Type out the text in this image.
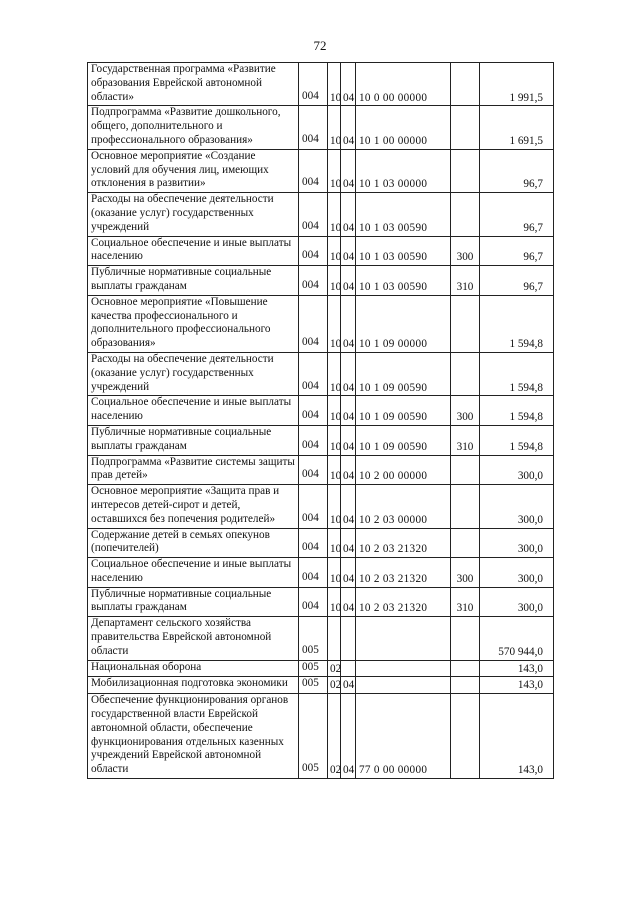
72
Государственная программа «Развитие образования Еврейской автономной области»	004	10	04	10 0 00 00000		1 991,5
Подпрограмма «Развитие дошкольного, общего, дополнительного и профессионального образования»	004	10	04	10 1 00 00000		1 691,5
Основное мероприятие «Создание условий для обучения лиц, имеющих отклонения в развитии»	004	10	04	10 1 03 00000		96,7
Расходы на обеспечение деятельности (оказание услуг) государственных учреждений	004	10	04	10 1 03 00590		96,7
Социальное обеспечение и иные выплаты населению	004	10	04	10 1 03 00590	300	96,7
Публичные нормативные социальные выплаты гражданам	004	10	04	10 1 03 00590	310	96,7
Основное мероприятие «Повышение качества профессионального и дополнительного профессионального образования»	004	10	04	10 1 09 00000		1 594,8
Расходы на обеспечение деятельности (оказание услуг) государственных учреждений	004	10	04	10 1 09 00590		1 594,8
Социальное обеспечение и иные выплаты населению	004	10	04	10 1 09 00590	300	1 594,8
Публичные нормативные социальные выплаты гражданам	004	10	04	10 1 09 00590	310	1 594,8
Подпрограмма «Развитие системы защиты прав детей»	004	10	04	10 2 00 00000		300,0
Основное мероприятие «Защита прав и интересов детей-сирот и детей, оставшихся без попечения родителей»	004	10	04	10 2 03 00000		300,0
Содержание детей в семьях опекунов (попечителей)	004	10	04	10 2 03 21320		300,0
Социальное обеспечение и иные выплаты населению	004	10	04	10 2 03 21320	300	300,0
Публичные нормативные социальные выплаты гражданам	004	10	04	10 2 03 21320	310	300,0
Департамент сельского хозяйства правительства Еврейской автономной области	005					570 944,0
Национальная оборона	005	02				143,0
Мобилизационная подготовка экономики	005	02	04			143,0
Обеспечение функционирования органов государственной власти Еврейской автономной области, обеспечение функционирования отдельных казенных учреждений Еврейской автономной области	005	02	04	77 0 00 00000		143,0
